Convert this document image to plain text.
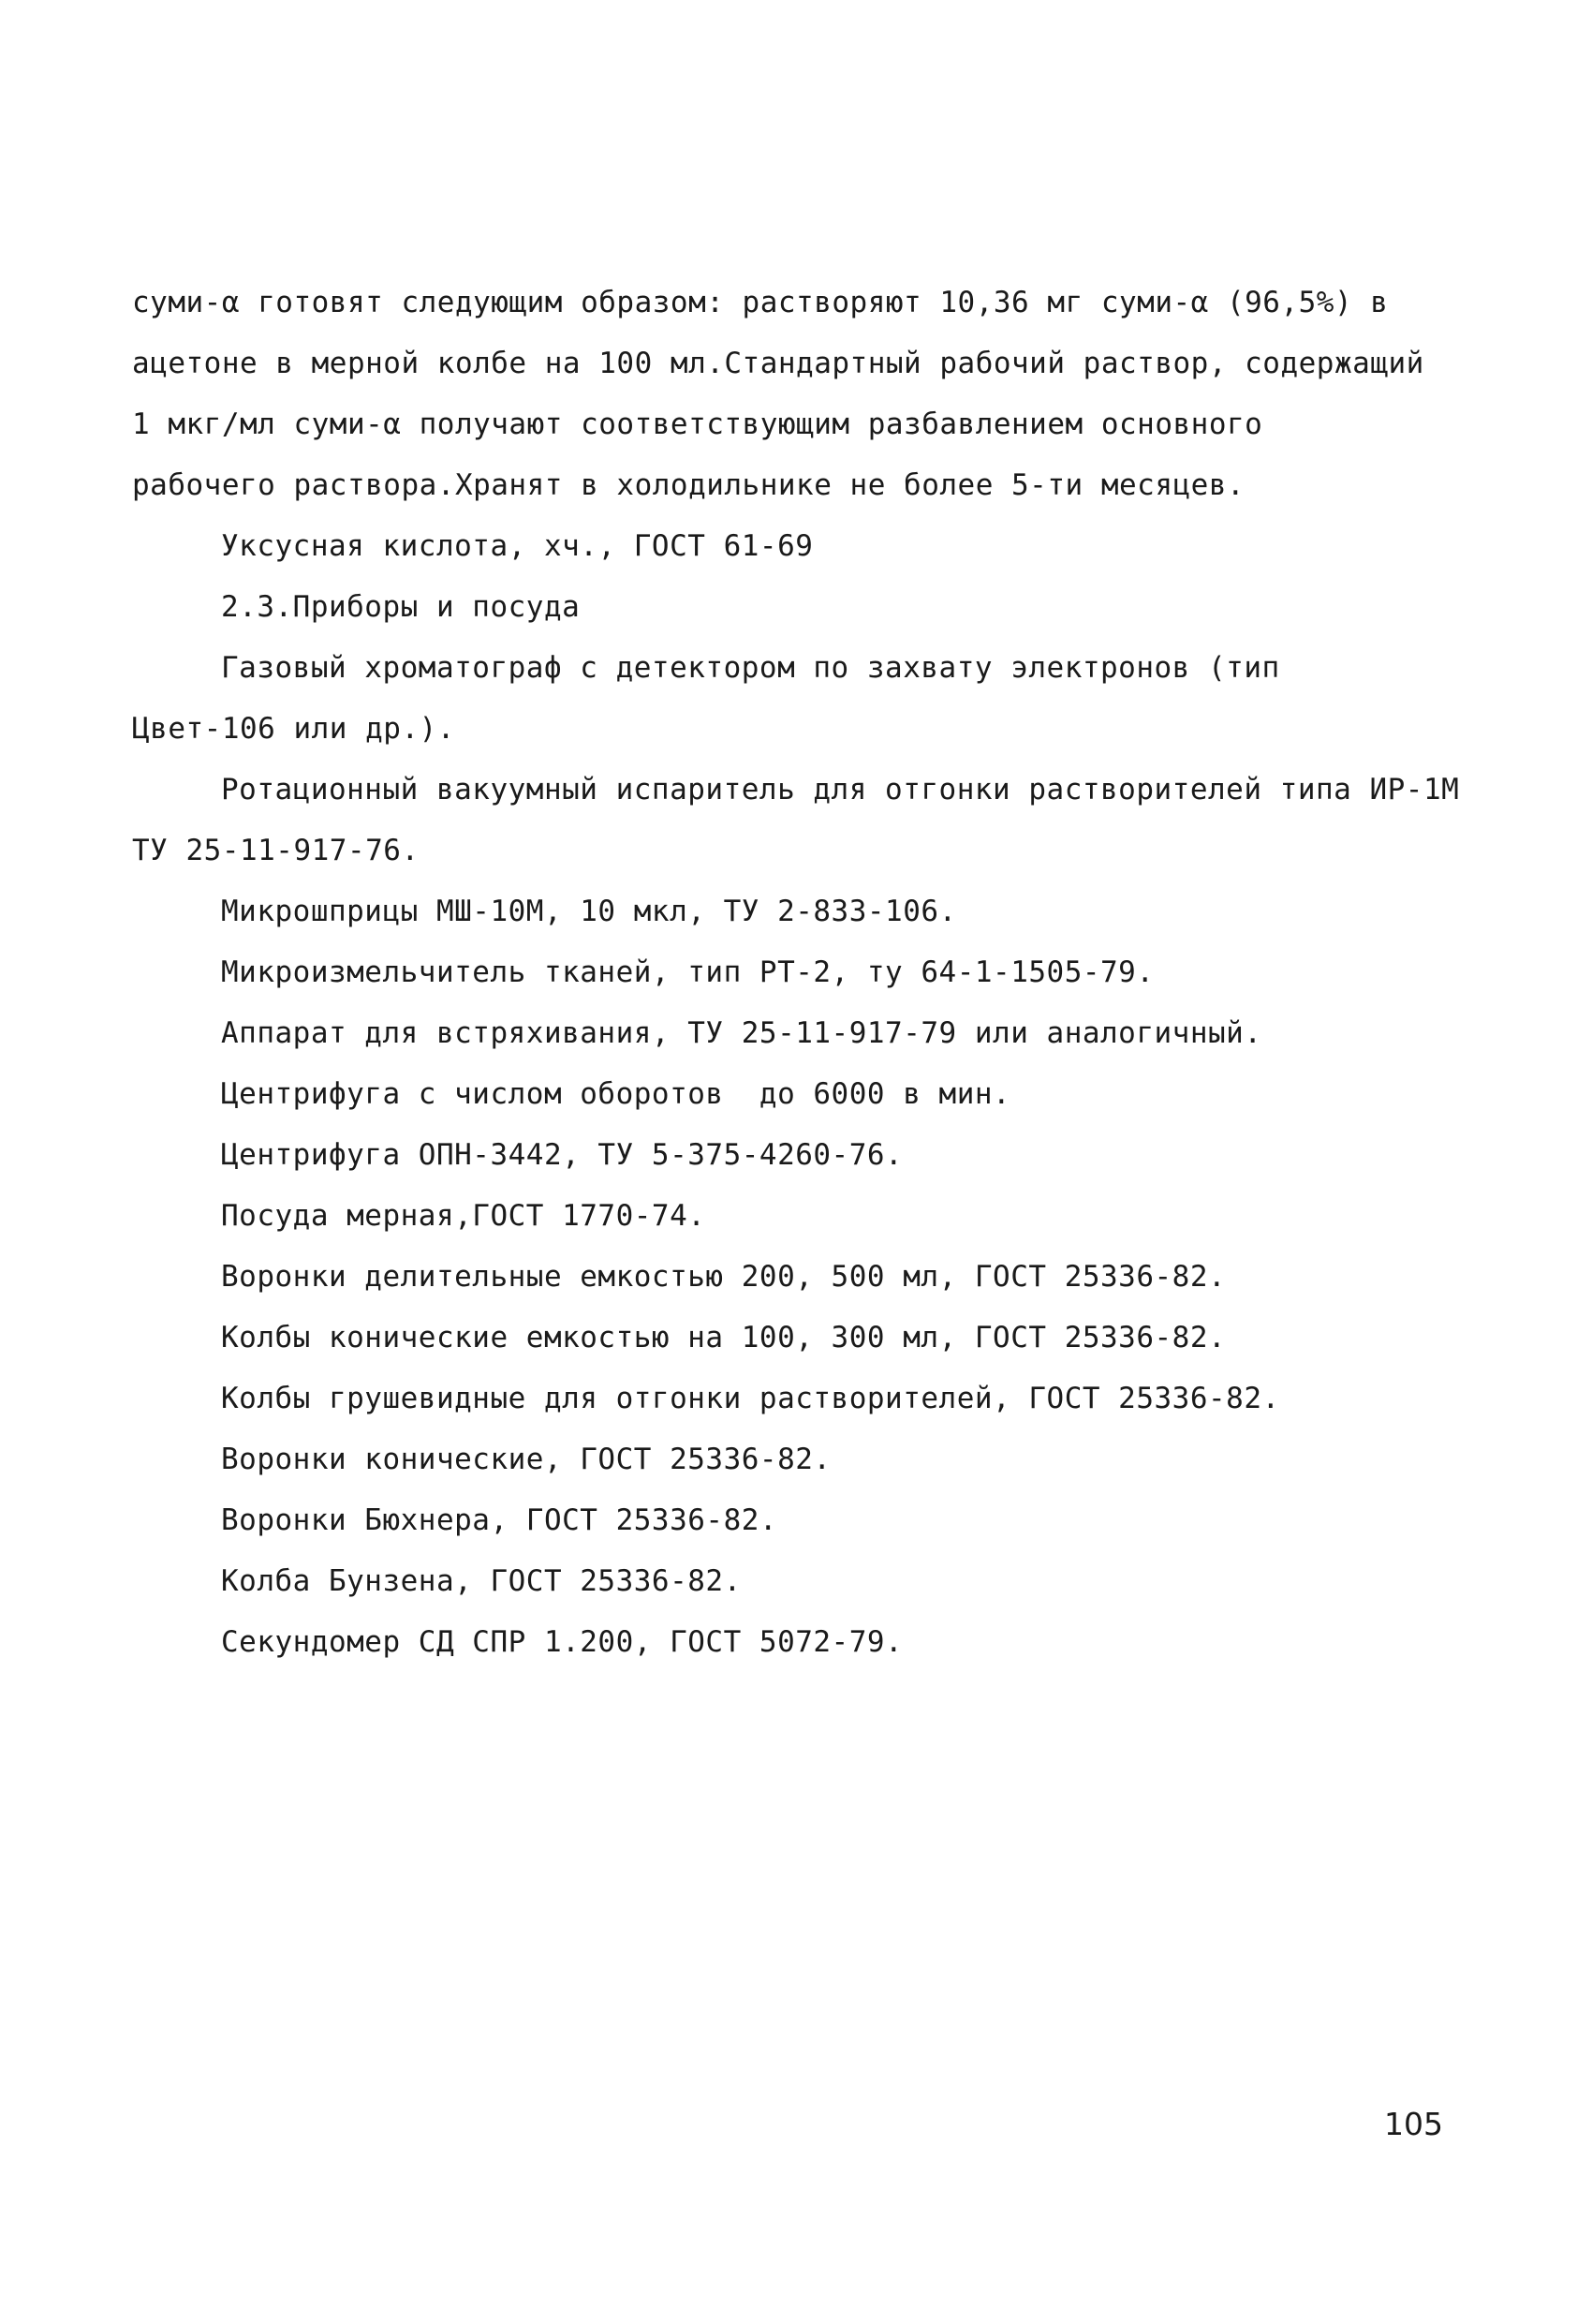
суми-α готовят следующим образом: растворяют 10,36 мг суми-α (96,5%) в
ацетоне в мерной колбе на 100 мл.Стандартный рабочий раствор, содержащий
1 мкг/мл суми-α получают соответствующим разбавлением основного
рабочего раствора.Хранят в холодильнике не более 5-ти месяцев.
Уксусная кислота, хч., ГОСТ 61-69
2.3.Приборы и посуда
Газовый хроматограф с детектором по захвату электронов (тип
Цвет-106 или др.).
Ротационный вакуумный испаритель для отгонки растворителей типа ИР-1М
ТУ 25-11-917-76.
Микрошприцы МШ-10М, 10 мкл, ТУ 2-833-106.
Микроизмельчитель тканей, тип РТ-2, ту 64-1-1505-79.
Аппарат для встряхивания, ТУ 25-11-917-79 или аналогичный.
Центрифуга с числом оборотов  до 6000 в мин.
Центрифуга ОПН-3442, ТУ 5-375-4260-76.
Посуда мерная,ГОСТ 1770-74.
Воронки делительные емкостью 200, 500 мл, ГОСТ 25336-82.
Колбы конические емкостью на 100, 300 мл, ГОСТ 25336-82.
Колбы грушевидные для отгонки растворителей, ГОСТ 25336-82.
Воронки конические, ГОСТ 25336-82.
Воронки Бюхнера, ГОСТ 25336-82.
Колба Бунзена, ГОСТ 25336-82.
Секундомер СД СПР 1.200, ГОСТ 5072-79.
105
